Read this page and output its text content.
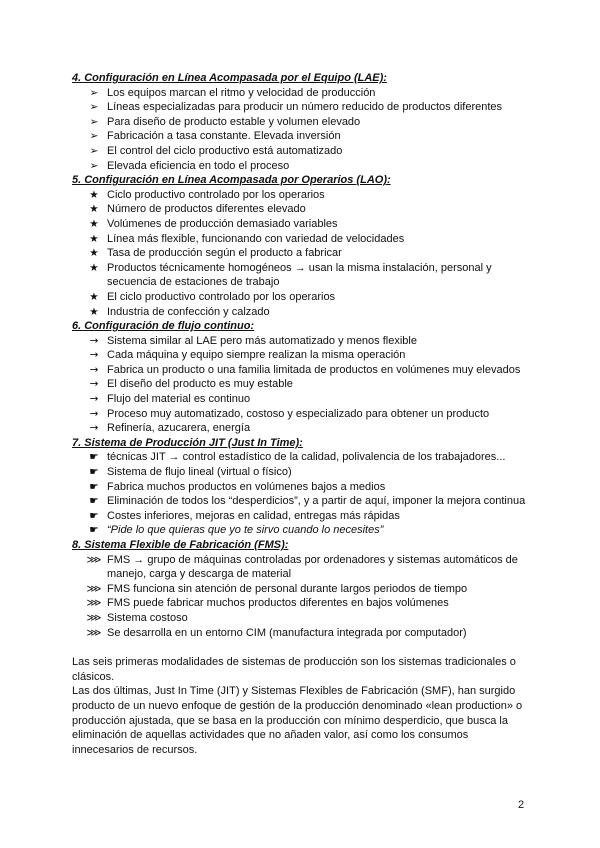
4. Configuración en Línea Acompasada por el Equipo (LAE):

➢ Los equipos marcan el ritmo y velocidad de producción
➢ Líneas especializadas para producir un número reducido de productos diferentes
➢ Para diseño de producto estable y volumen elevado
➢ Fabricación a tasa constante. Elevada inversión
➢ El control del ciclo productivo está automatizado
➢ Elevada eficiencia en todo el proceso

5. Configuración en Línea Acompasada por Operarios (LAO):

★ Ciclo productivo controlado por los operarios
★ Número de productos diferentes elevado
★ Volúmenes de producción demasiado variables
★ Línea más flexible, funcionando con variedad de velocidades
★ Tasa de producción según el producto a fabricar
★ Productos técnicamente homogéneos → usan la misma instalación, personal y secuencia de estaciones de trabajo
★ El ciclo productivo controlado por los operarios
★ Industria de confección y calzado

6. Configuración de flujo continuo:

→ Sistema similar al LAE pero más automatizado y menos flexible
→ Cada máquina y equipo siempre realizan la misma operación
→ Fabrica un producto o una familia limitada de productos en volúmenes muy elevados
→ El diseño del producto es muy estable
→ Flujo del material es continuo
→ Proceso muy automatizado, costoso y especializado para obtener un producto
→ Refinería, azucarera, energía

7. Sistema de Producción JIT (Just In Time):

☛ técnicas JIT → control estadístico de la calidad, polivalencia de los trabajadores...
☛ Sistema de flujo lineal (virtual o físico)
☛ Fabrica muchos productos en volúmenes bajos a medios
☛ Eliminación de todos los “desperdicios”, y a partir de aquí, imponer la mejora continua
☛ Costes inferiores, mejoras en calidad, entregas más rápidas
☛ “Pide lo que quieras que yo te sirvo cuando lo necesites”

8. Sistema Flexible de Fabricación (FMS):

⋙ FMS → grupo de máquinas controladas por ordenadores y sistemas automáticos de manejo, carga y descarga de material
⋙ FMS funciona sin atención de personal durante largos periodos de tiempo
⋙ FMS puede fabricar muchos productos diferentes en bajos volúmenes
⋙ Sistema costoso
⋙ Se desarrolla en un entorno CIM (manufactura integrada por computador)

Las seis primeras modalidades de sistemas de producción son los sistemas tradicionales o clásicos.

Las dos últimas, Just In Time (JIT) y Sistemas Flexibles de Fabricación (SMF), han surgido producto de un nuevo enfoque de gestión de la producción denominado «lean production» o producción ajustada, que se basa en la producción con mínimo desperdicio, que busca la eliminación de aquellas actividades que no añaden valor, así como los consumos innecesarios de recursos.

2
